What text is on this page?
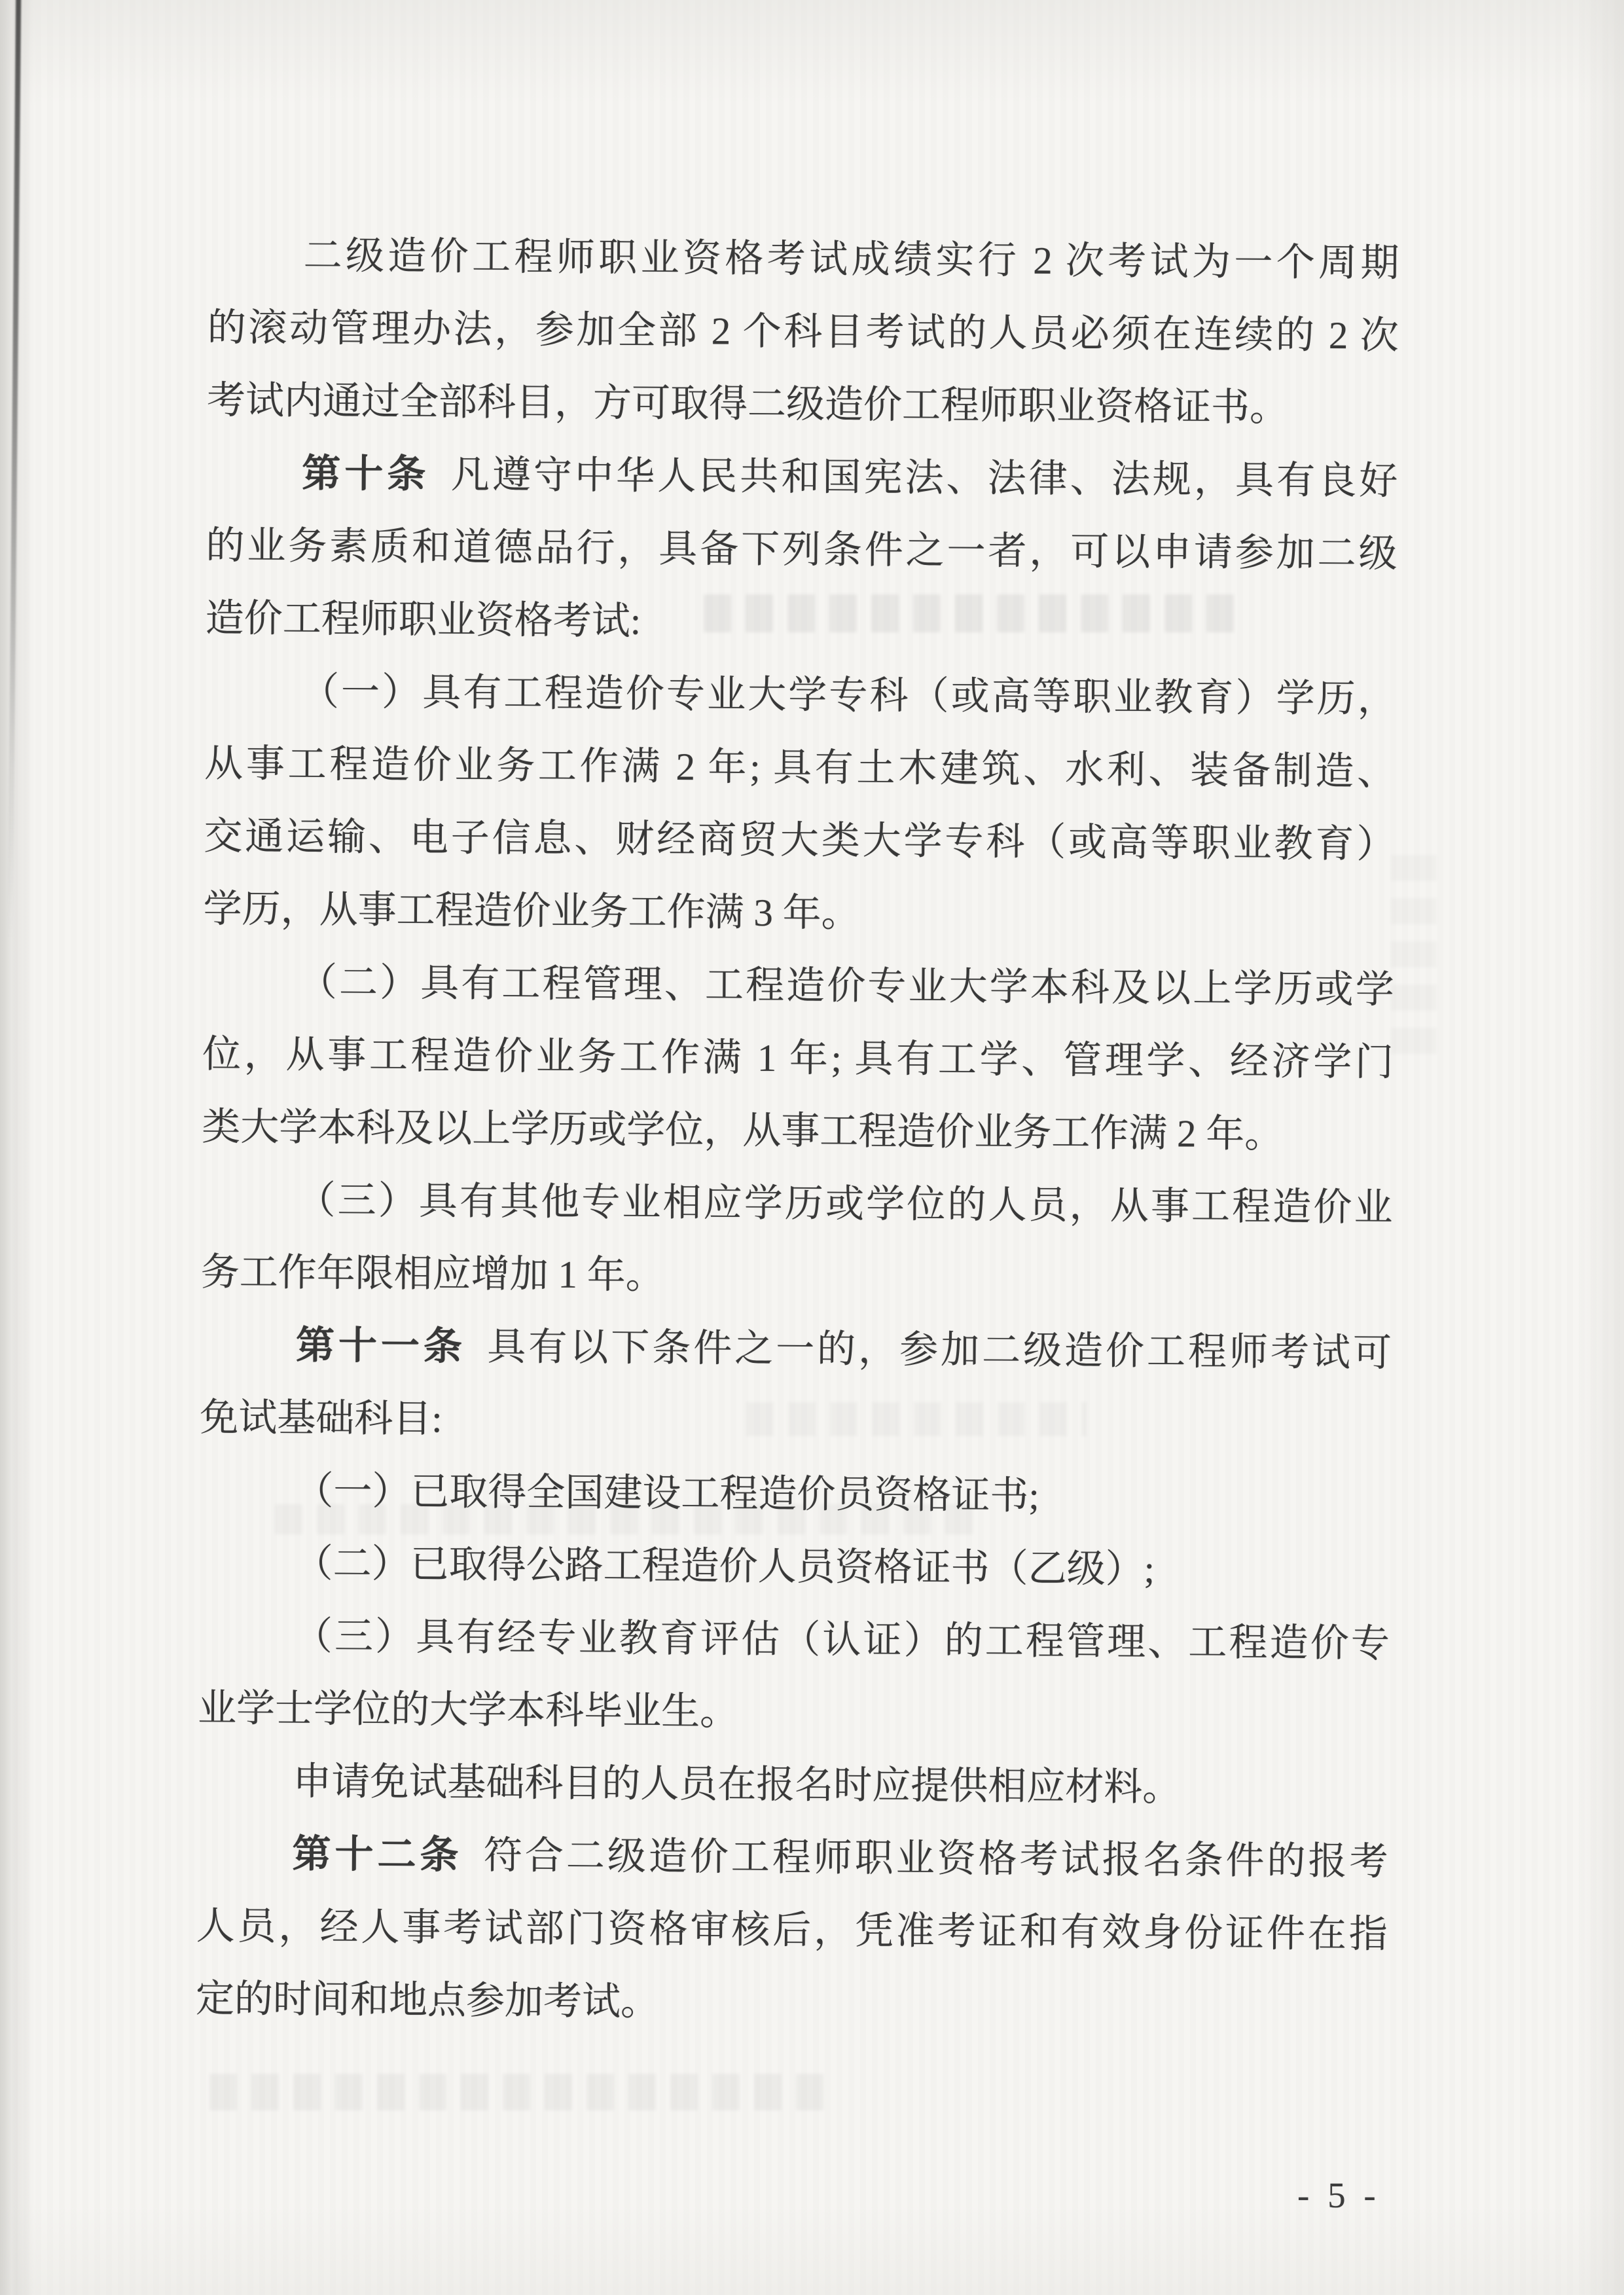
二级造价工程师职业资格考试成绩实行 2 次考试为一个周期
的滚动管理办法，参加全部 2 个科目考试的人员必须在连续的 2 次
考试内通过全部科目，方可取得二级造价工程师职业资格证书。
第十条 凡遵守中华人民共和国宪法、法律、法规，具有良好
的业务素质和道德品行，具备下列条件之一者，可以申请参加二级
造价工程师职业资格考试:
（一）具有工程造价专业大学专科（或高等职业教育）学历，
从事工程造价业务工作满 2 年; 具有土木建筑、水利、装备制造、
交通运输、电子信息、财经商贸大类大学专科（或高等职业教育）
学历，从事工程造价业务工作满 3 年。
（二）具有工程管理、工程造价专业大学本科及以上学历或学
位，从事工程造价业务工作满 1 年; 具有工学、管理学、经济学门
类大学本科及以上学历或学位，从事工程造价业务工作满 2 年。
（三）具有其他专业相应学历或学位的人员，从事工程造价业
务工作年限相应增加 1 年。
第十一条 具有以下条件之一的，参加二级造价工程师考试可
免试基础科目:
（一）已取得全国建设工程造价员资格证书;
（二）已取得公路工程造价人员资格证书（乙级）;
（三）具有经专业教育评估（认证）的工程管理、工程造价专
业学士学位的大学本科毕业生。
申请免试基础科目的人员在报名时应提供相应材料。
第十二条 符合二级造价工程师职业资格考试报名条件的报考
人员，经人事考试部门资格审核后，凭准考证和有效身份证件在指
定的时间和地点参加考试。
- 5 -
